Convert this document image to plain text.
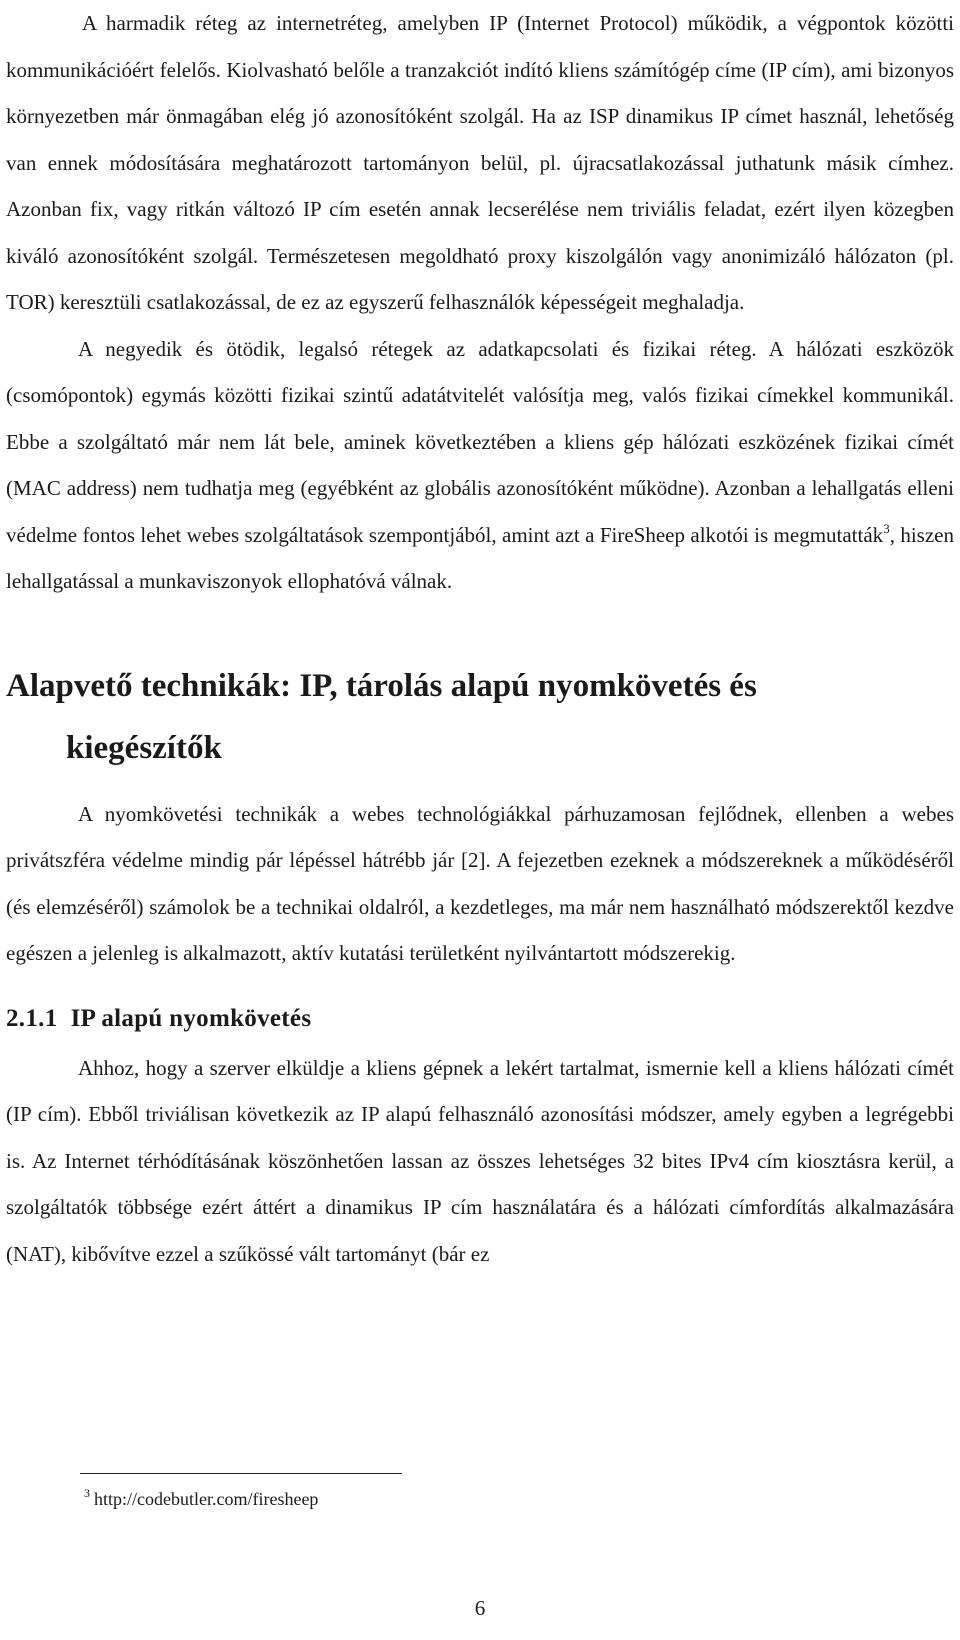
A harmadik réteg az internetréteg, amelyben IP (Internet Protocol) működik, a végpontok közötti kommunikációért felelős. Kiolvasható belőle a tranzakciót indító kliens számítógép címe (IP cím), ami bizonyos környezetben már önmagában elég jó azonosítóként szolgál. Ha az ISP dinamikus IP címet használ, lehetőség van ennek módosítására meghatározott tartományon belül, pl. újracsatlakozással juthatunk másik címhez. Azonban fix, vagy ritkán változó IP cím esetén annak lecserélése nem triviális feladat, ezért ilyen közegben kiváló azonosítóként szolgál. Természetesen megoldható proxy kiszolgálón vagy anonimizáló hálózaton (pl. TOR) keresztüli csatlakozással, de ez az egyszerű felhasználók képességeit meghaladja.

A negyedik és ötödik, legalsó rétegek az adatkapcsolati és fizikai réteg. A hálózati eszközök (csomópontok) egymás közötti fizikai szintű adatátvitelét valósítja meg, valós fizikai címekkel kommunikál. Ebbe a szolgáltató már nem lát bele, aminek következtében a kliens gép hálózati eszközének fizikai címét (MAC address) nem tudhatja meg (egyébként az globális azonosítóként működne). Azonban a lehallgatás elleni védelme fontos lehet webes szolgáltatások szempontjából, amint azt a FireSheep alkotói is megmutatták$^3$, hiszen lehallgatással a munkaviszonyok ellophatóvá válnak.

Alapvető technikák: IP, tárolás alapú nyomkövetés és
kiegészítők

A nyomkövetési technikák a webes technológiákkal párhuzamosan fejlődnek, ellenben a webes privátszféra védelme mindig pár lépéssel hátrébb jár [2]. A fejezetben ezeknek a módszereknek a működéséről (és elemzéséről) számolok be a technikai oldalról, a kezdetleges, ma már nem használható módszerektől kezdve egészen a jelenleg is alkalmazott, aktív kutatási területként nyilvántartott módszerekig.

2.1.1  IP alapú nyomkövetés

Ahhoz, hogy a szerver elküldje a kliens gépnek a lekért tartalmat, ismernie kell a kliens hálózati címét (IP cím). Ebből triviálisan következik az IP alapú felhasználó azonosítási módszer, amely egyben a legrégebbi is. Az Internet térhódításának köszönhetően lassan az összes lehetséges 32 bites IPv4 cím kiosztásra kerül, a szolgáltatók többsége ezért áttért a dinamikus IP cím használatára és a hálózati címfordítás alkalmazására (NAT), kibővítve ezzel a szűkössé vált tartományt (bár ez

$^3$ http://codebutler.com/firesheep
6
